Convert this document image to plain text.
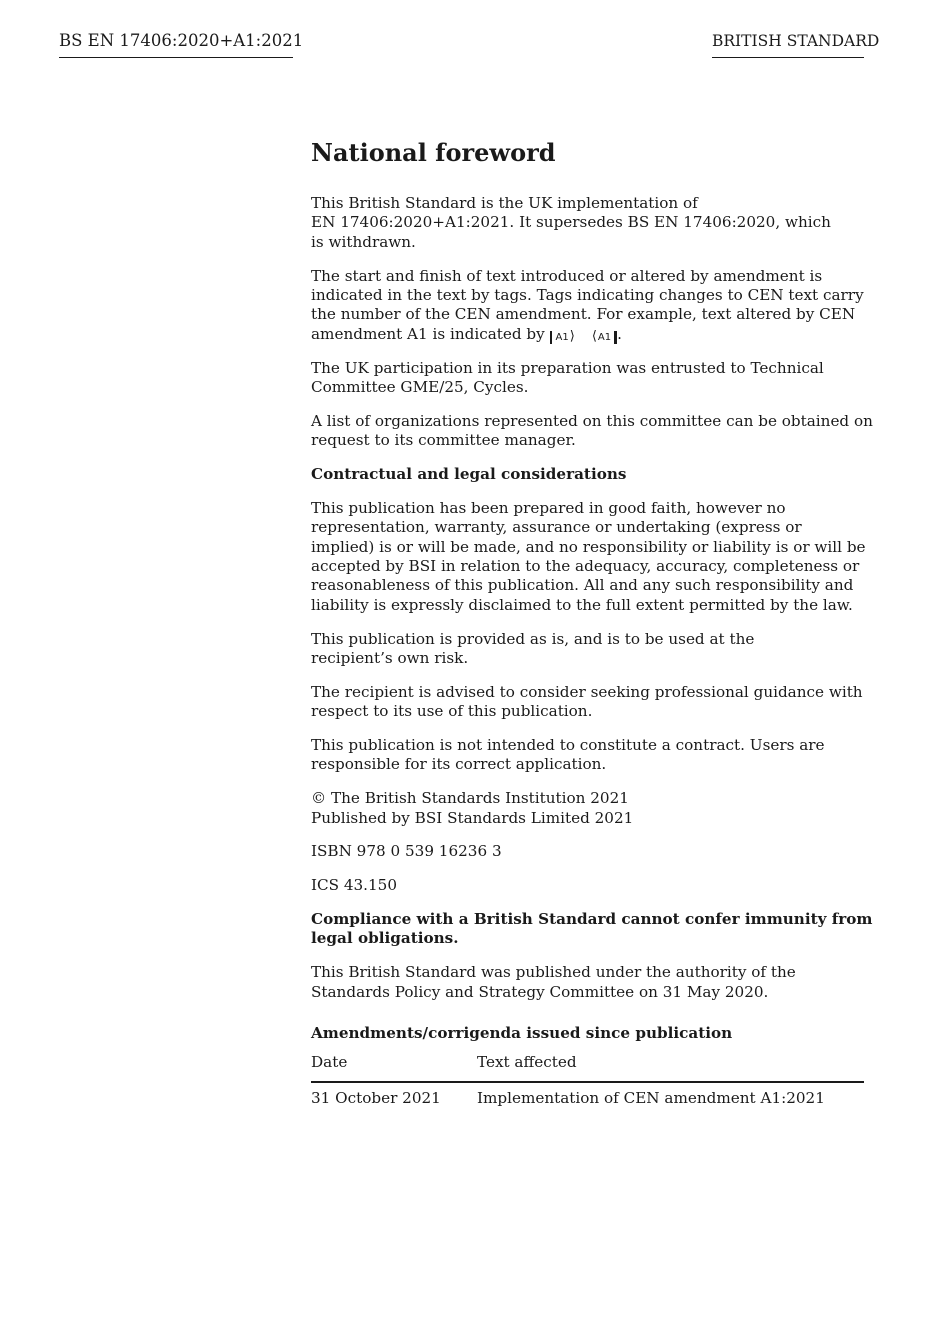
BS EN 17406:2020+A1:2021	BRITISH STANDARD
National foreword
This British Standard is the UK implementation of
EN 17406:2020+A1:2021. It supersedes BS EN 17406:2020, which
is withdrawn.
The start and finish of text introduced or altered by amendment is
indicated in the text by tags. Tags indicating changes to CEN text carry
the number of the CEN amendment. For example, text altered by CEN
amendment A1 is indicated by A1 ⟩	⟨ A1 .
The UK participation in its preparation was entrusted to Technical
Committee GME/25, Cycles.
A list of organizations represented on this committee can be obtained on
request to its committee manager.
Contractual and legal considerations
This publication has been prepared in good faith, however no
representation, warranty, assurance or undertaking (express or
implied) is or will be made, and no responsibility or liability is or will be
accepted by BSI in relation to the adequacy, accuracy, completeness or
reasonableness of this publication. All and any such responsibility and
liability is expressly disclaimed to the full extent permitted by the law.
This publication is provided as is, and is to be used at the
recipient’s own risk.
The recipient is advised to consider seeking professional guidance with
respect to its use of this publication.
This publication is not intended to constitute a contract. Users are
responsible for its correct application.
© The British Standards Institution 2021
Published by BSI Standards Limited 2021
ISBN 978 0 539 16236 3
ICS 43.150
Compliance with a British Standard cannot confer immunity from
legal obligations.
This British Standard was published under the authority of the
Standards Policy and Strategy Committee on 31 May 2020.
Amendments/corrigenda issued since publication
Date	Text affected
31 October 2021	Implementation of CEN amendment A1:2021
